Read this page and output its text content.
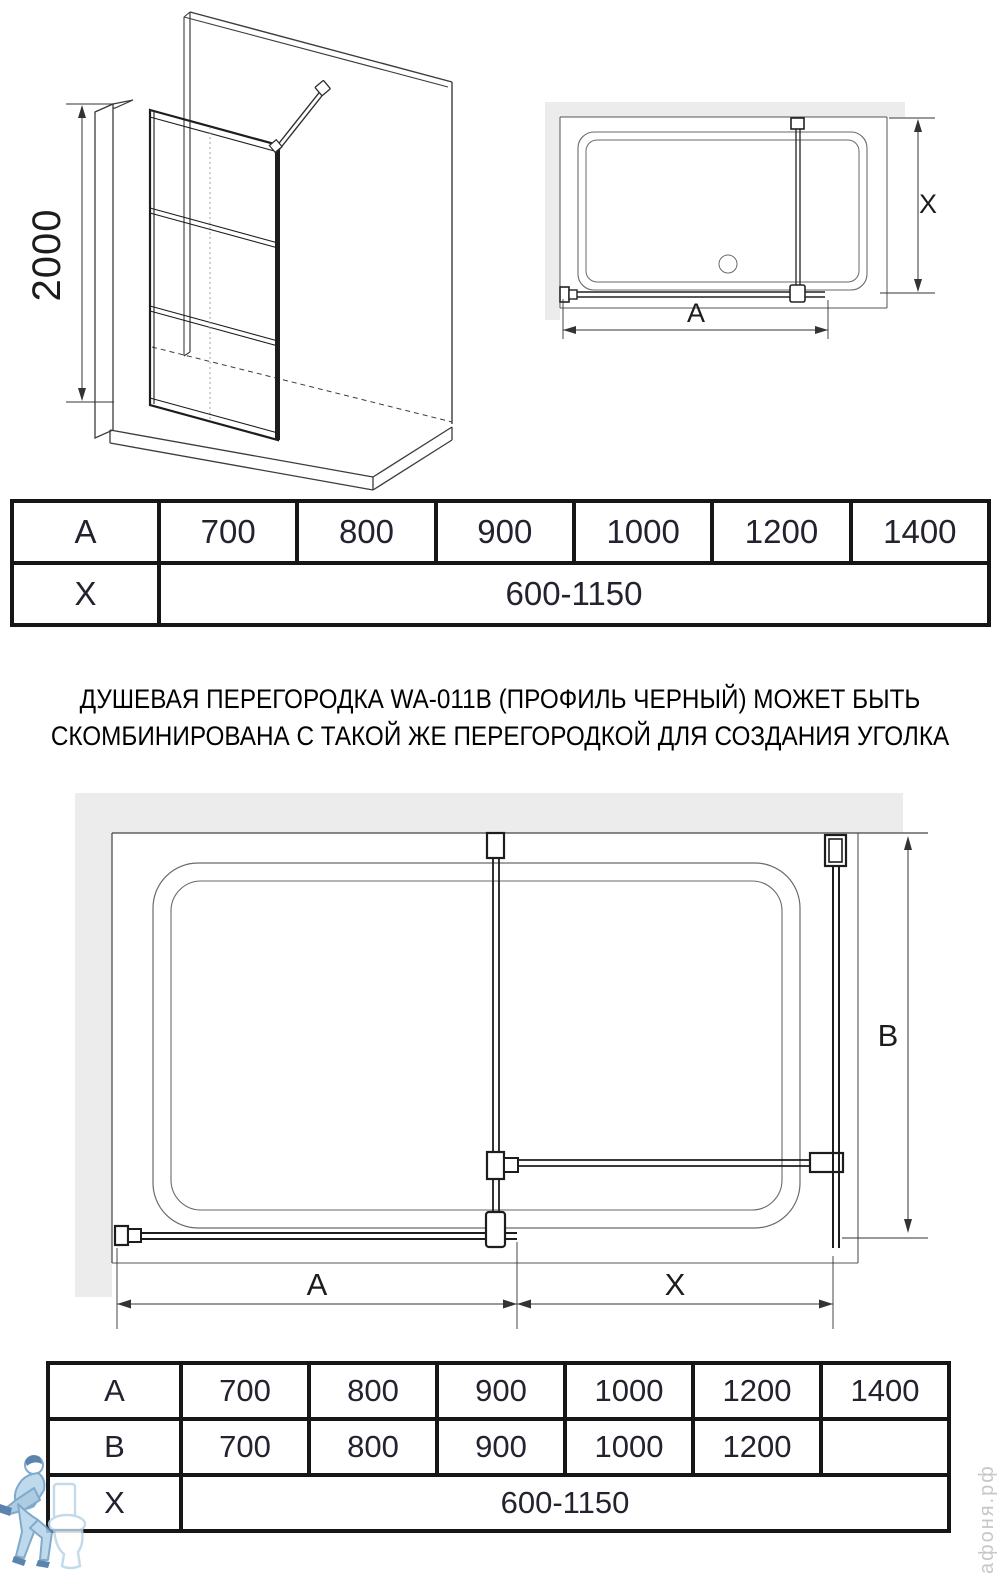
2000
X
A
A	700	800	900	1000	1200	1400
X	600-1150					
ДУШЕВАЯ ПЕРЕГОРОДКА WA-011B (ПРОФИЛЬ ЧЕРНЫЙ) МОЖЕТ БЫТЬ
СКОМБИНИРОВАНА С ТАКОЙ ЖЕ ПЕРЕГОРОДКОЙ ДЛЯ СОЗДАНИЯ УГОЛКА
B
A	X
A	700	800	900	1000	1200	1400
B	700	800	900	1000	1200	
X	600-1150						афоня.рф
